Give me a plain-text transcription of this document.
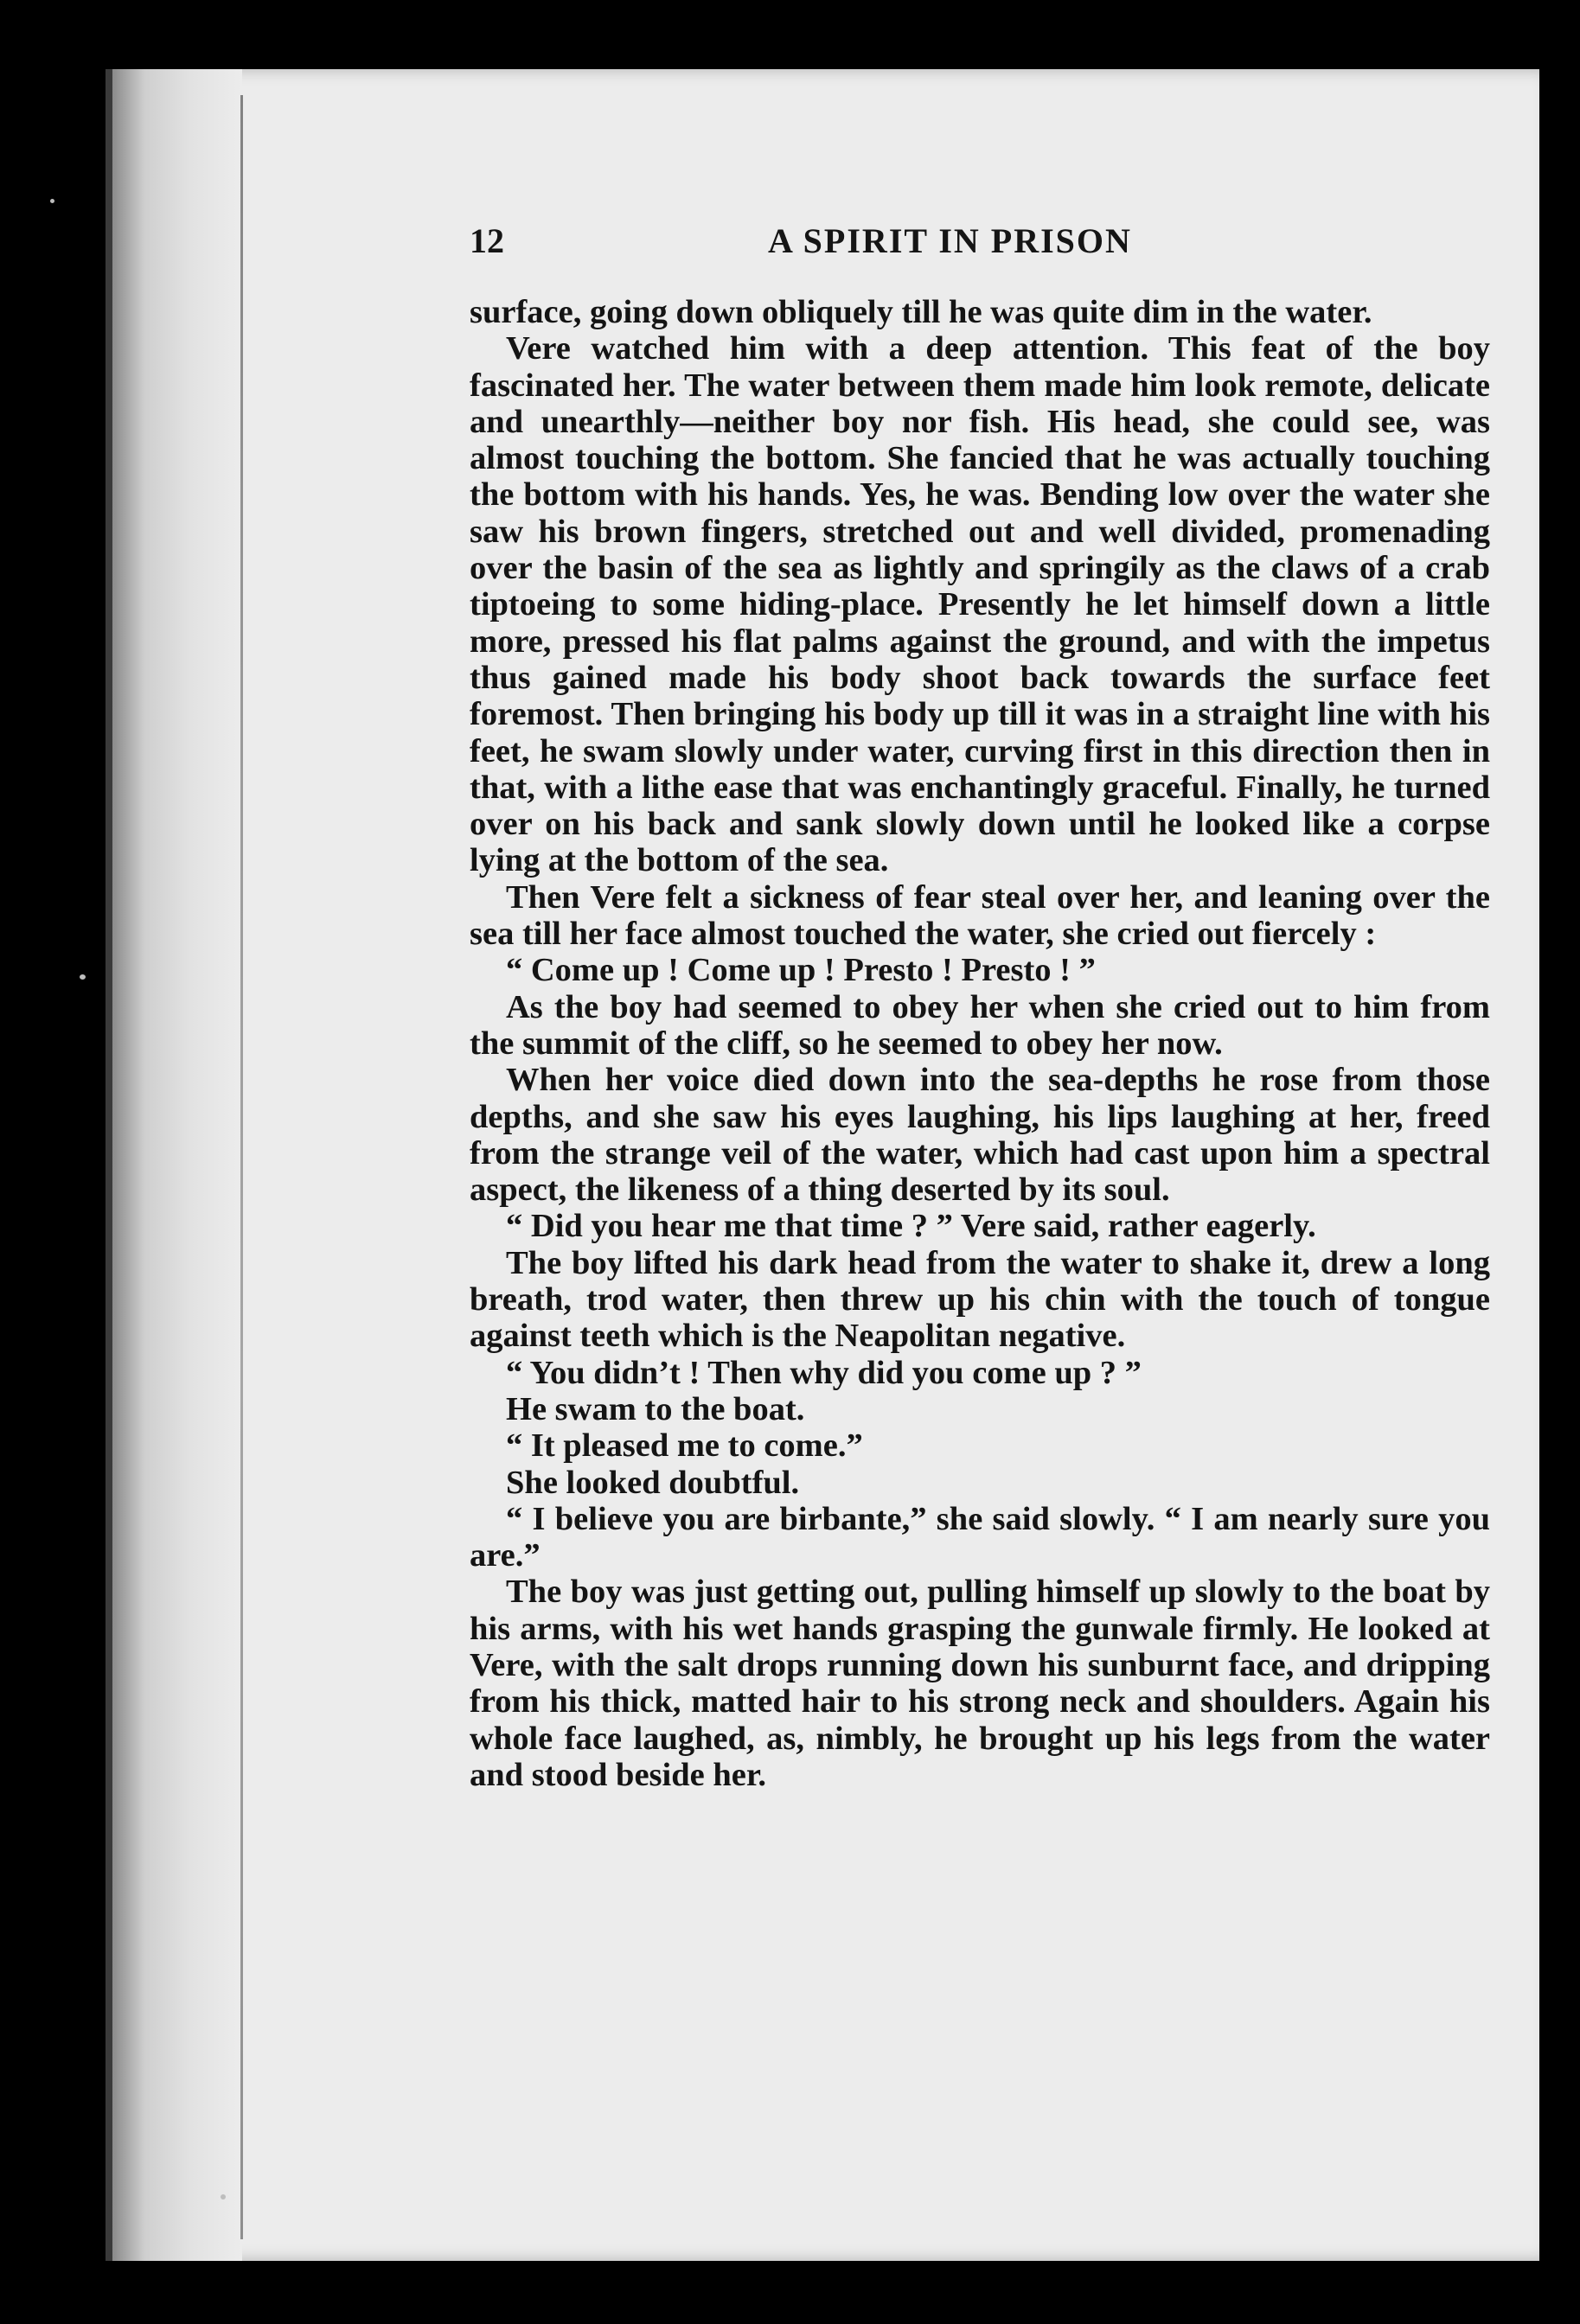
12	A SPIRIT IN PRISON

surface, going down obliquely till he was quite dim in the water.

Vere watched him with a deep attention. This feat of the boy fascinated her. The water between them made him look remote, delicate and unearthly—neither boy nor fish. His head, she could see, was almost touching the bottom. She fancied that he was actually touching the bottom with his hands. Yes, he was. Bending low over the water she saw his brown fingers, stretched out and well divided, promenading over the basin of the sea as lightly and springily as the claws of a crab tiptoeing to some hiding-place. Presently he let himself down a little more, pressed his flat palms against the ground, and with the impetus thus gained made his body shoot back towards the surface feet foremost. Then bringing his body up till it was in a straight line with his feet, he swam slowly under water, curving first in this direction then in that, with a lithe ease that was enchantingly graceful. Finally, he turned over on his back and sank slowly down until he looked like a corpse lying at the bottom of the sea.

Then Vere felt a sickness of fear steal over her, and leaning over the sea till her face almost touched the water, she cried out fiercely :

“ Come up ! Come up ! Presto ! Presto ! ”

As the boy had seemed to obey her when she cried out to him from the summit of the cliff, so he seemed to obey her now.

When her voice died down into the sea-depths he rose from those depths, and she saw his eyes laughing, his lips laughing at her, freed from the strange veil of the water, which had cast upon him a spectral aspect, the likeness of a thing deserted by its soul.

“ Did you hear me that time ? ” Vere said, rather eagerly.

The boy lifted his dark head from the water to shake it, drew a long breath, trod water, then threw up his chin with the touch of tongue against teeth which is the Neapolitan negative.

“ You didn’t ! Then why did you come up ? ”

He swam to the boat.

“ It pleased me to come.”

She looked doubtful.

“ I believe you are birbante,” she said slowly. “ I am nearly sure you are.”

The boy was just getting out, pulling himself up slowly to the boat by his arms, with his wet hands grasping the gunwale firmly. He looked at Vere, with the salt drops running down his sunburnt face, and dripping from his thick, matted hair to his strong neck and shoulders. Again his whole face laughed, as, nimbly, he brought up his legs from the water and stood beside her.
